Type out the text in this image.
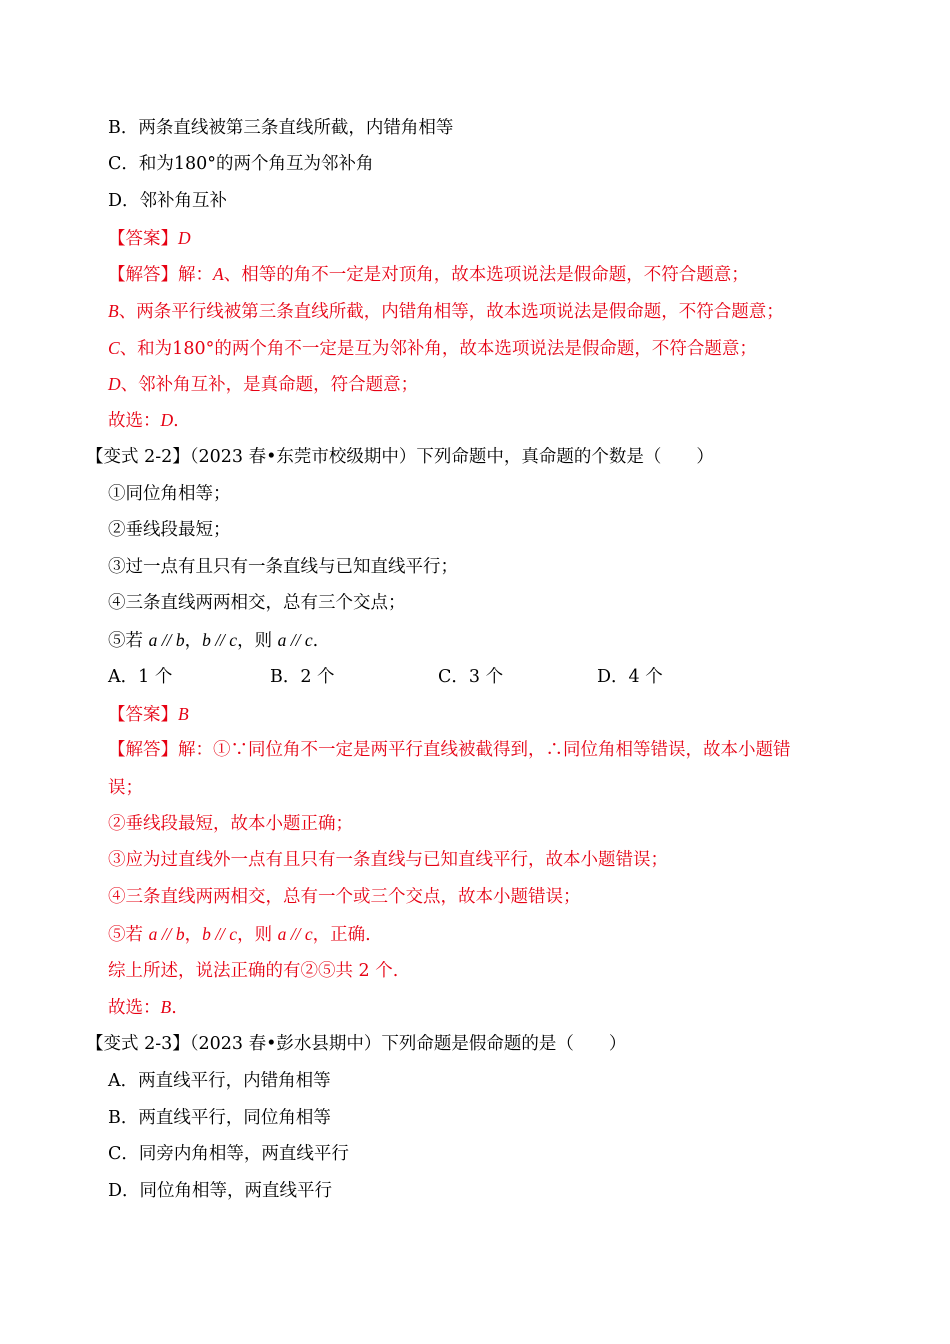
B．两条直线被第三条直线所截，内错角相等
C．和为180°的两个角互为邻补角
D．邻补角互补
【答案】D
【解答】解：A、相等的角不一定是对顶角，故本选项说法是假命题，不符合题意；
B、两条平行线被第三条直线所截，内错角相等，故本选项说法是假命题，不符合题意；
C、和为180°的两个角不一定是互为邻补角，故本选项说法是假命题，不符合题意；
D、邻补角互补，是真命题，符合题意；
故选：D.
【变式 2-2】（2023 春•东莞市校级期中）下列命题中，真命题的个数是（　　）
①同位角相等；
②垂线段最短；
③过一点有且只有一条直线与已知直线平行；
④三条直线两两相交，总有三个交点；
⑤若 a // b，b // c，则 a // c.
A．1 个	B．2 个	C．3 个	D．4 个
【答案】B
【解答】解：①∵同位角不一定是两平行直线被截得到，∴同位角相等错误，故本小题错
误；
②垂线段最短，故本小题正确；
③应为过直线外一点有且只有一条直线与已知直线平行，故本小题错误；
④三条直线两两相交，总有一个或三个交点，故本小题错误；
⑤若 a // b，b // c，则 a // c，正确.
综上所述，说法正确的有②⑤共 2 个.
故选：B.
【变式 2-3】（2023 春•彭水县期中）下列命题是假命题的是（　　）
A．两直线平行，内错角相等
B．两直线平行，同位角相等
C．同旁内角相等，两直线平行
D．同位角相等，两直线平行
